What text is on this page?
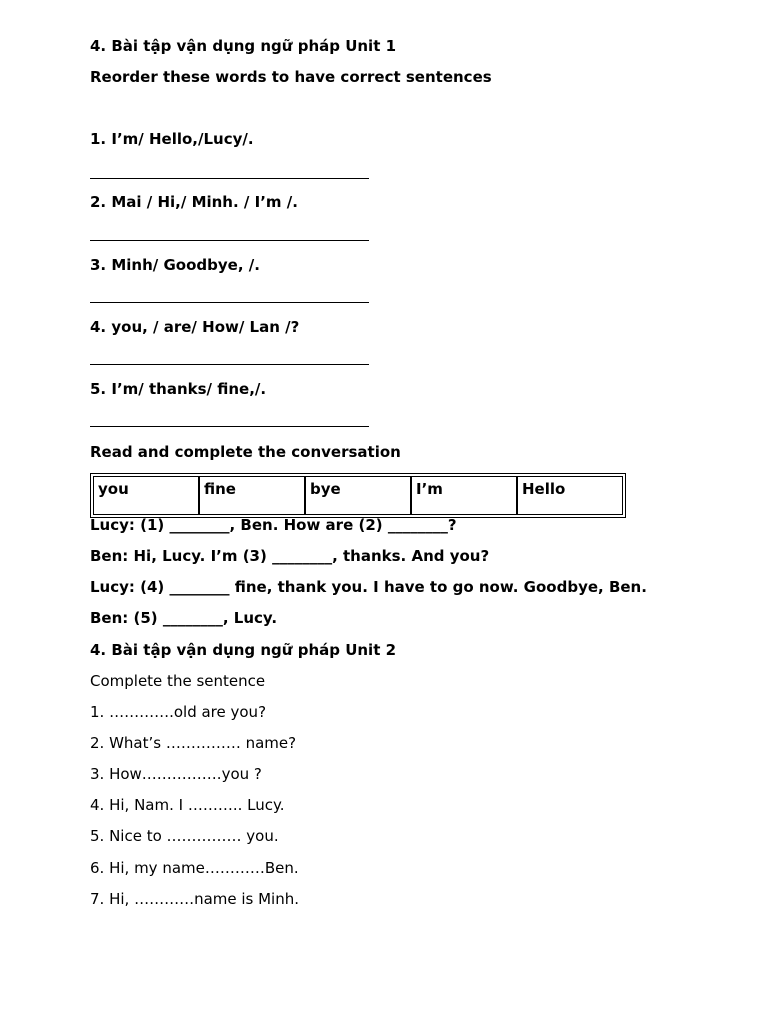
4. Bài tập vận dụng ngữ pháp Unit 1
Reorder these words to have correct sentences
1. I’m/ Hello,/Lucy/.
2. Mai / Hi,/ Minh. / I’m /.
3. Minh/ Goodbye, /.
4. you, / are/ How/ Lan /?
5. I’m/ thanks/ fine,/.
Read and complete the conversation
you	fine	bye	I’m	Hello
Lucy: (1) ________, Ben. How are (2) ________?
Ben: Hi, Lucy. I’m (3) ________, thanks. And you?
Lucy: (4) ________ fine, thank you. I have to go now. Goodbye, Ben.
Ben: (5) ________, Lucy.
4. Bài tập vận dụng ngữ pháp Unit 2
Complete the sentence
1. ………….old are you?
2. What’s …………… name?
3. How…………….you ?
4. Hi, Nam. I ……….. Lucy.
5. Nice to …………… you.
6. Hi, my name…………Ben.
7. Hi, …………name is Minh.
